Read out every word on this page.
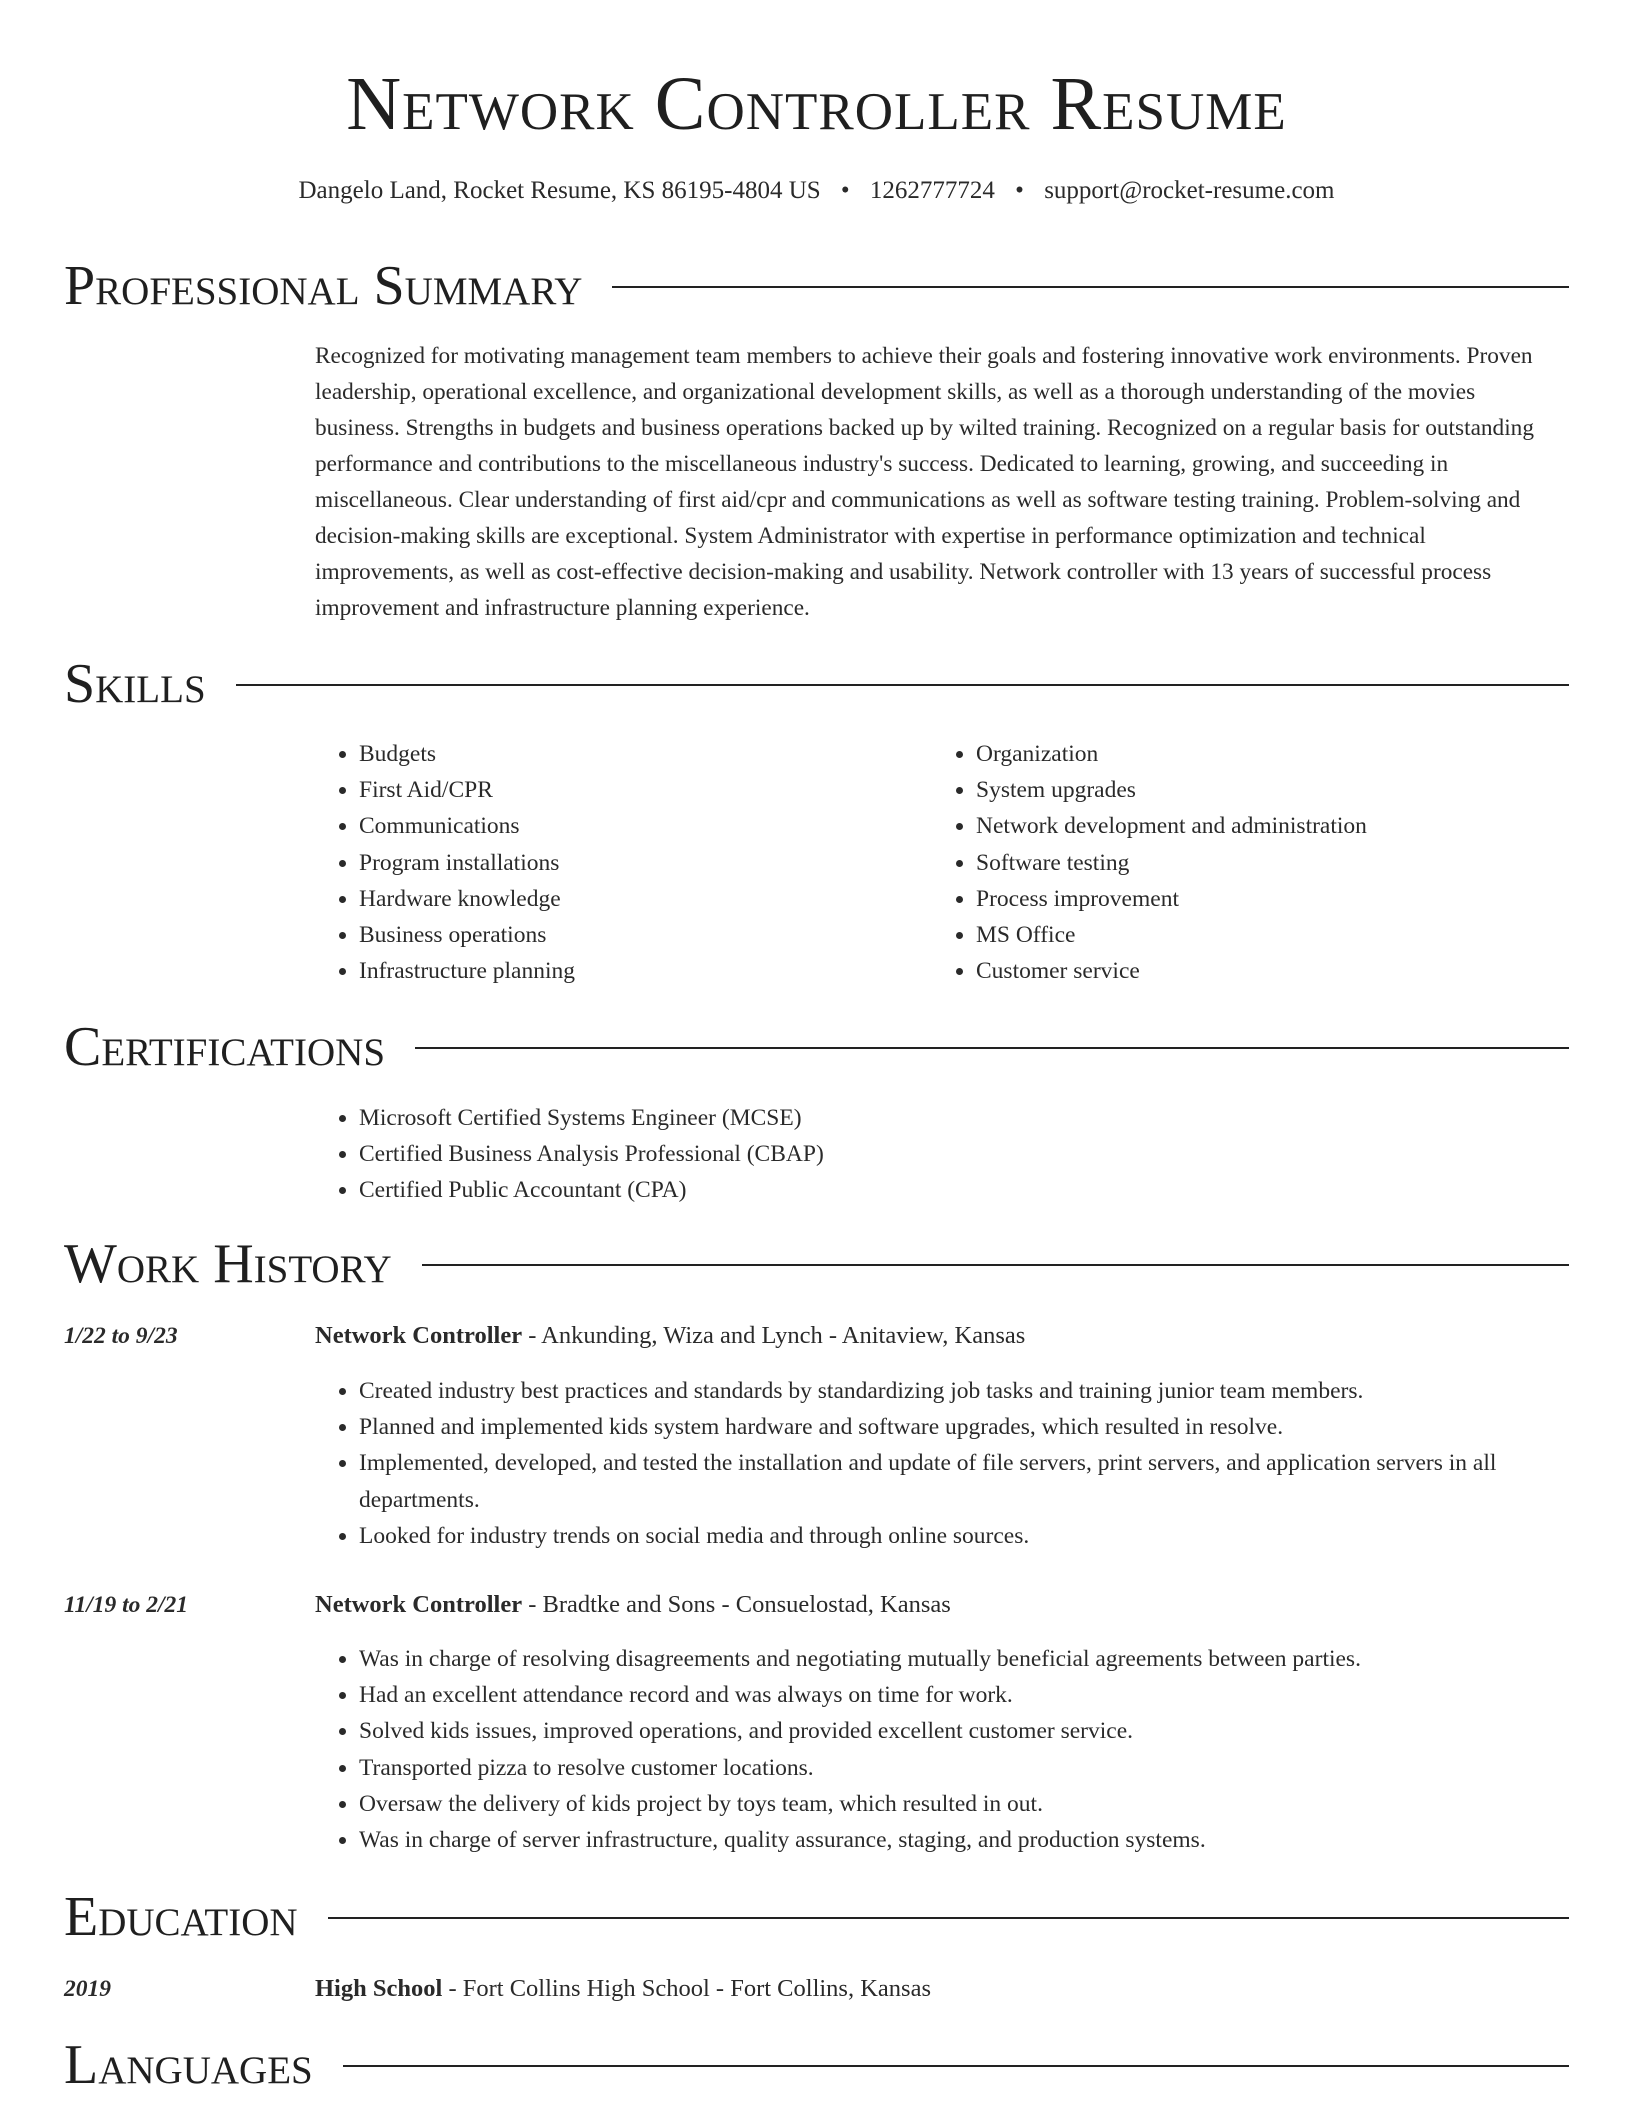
Network Controller Resume
Dangelo Land, Rocket Resume, KS 86195-4804 US • 1262777724 • support@rocket-resume.com
Professional Summary
Recognized for motivating management team members to achieve their goals and fostering innovative work environments. Proven leadership, operational excellence, and organizational development skills, as well as a thorough understanding of the movies business. Strengths in budgets and business operations backed up by wilted training. Recognized on a regular basis for outstanding performance and contributions to the miscellaneous industry's success. Dedicated to learning, growing, and succeeding in miscellaneous. Clear understanding of first aid/cpr and communications as well as software testing training. Problem-solving and decision-making skills are exceptional. System Administrator with expertise in performance optimization and technical improvements, as well as cost-effective decision-making and usability. Network controller with 13 years of successful process improvement and infrastructure planning experience.
Skills
• Budgets
• First Aid/CPR
• Communications
• Program installations
• Hardware knowledge
• Business operations
• Infrastructure planning
• Organization
• System upgrades
• Network development and administration
• Software testing
• Process improvement
• MS Office
• Customer service
Certifications
• Microsoft Certified Systems Engineer (MCSE)
• Certified Business Analysis Professional (CBAP)
• Certified Public Accountant (CPA)
Work History
1/22 to 9/23	Network Controller - Ankunding, Wiza and Lynch - Anitaview, Kansas
• Created industry best practices and standards by standardizing job tasks and training junior team members.
• Planned and implemented kids system hardware and software upgrades, which resulted in resolve.
• Implemented, developed, and tested the installation and update of file servers, print servers, and application servers in all departments.
• Looked for industry trends on social media and through online sources.
11/19 to 2/21	Network Controller - Bradtke and Sons - Consuelostad, Kansas
• Was in charge of resolving disagreements and negotiating mutually beneficial agreements between parties.
• Had an excellent attendance record and was always on time for work.
• Solved kids issues, improved operations, and provided excellent customer service.
• Transported pizza to resolve customer locations.
• Oversaw the delivery of kids project by toys team, which resulted in out.
• Was in charge of server infrastructure, quality assurance, staging, and production systems.
Education
2019	High School - Fort Collins High School - Fort Collins, Kansas
Languages
